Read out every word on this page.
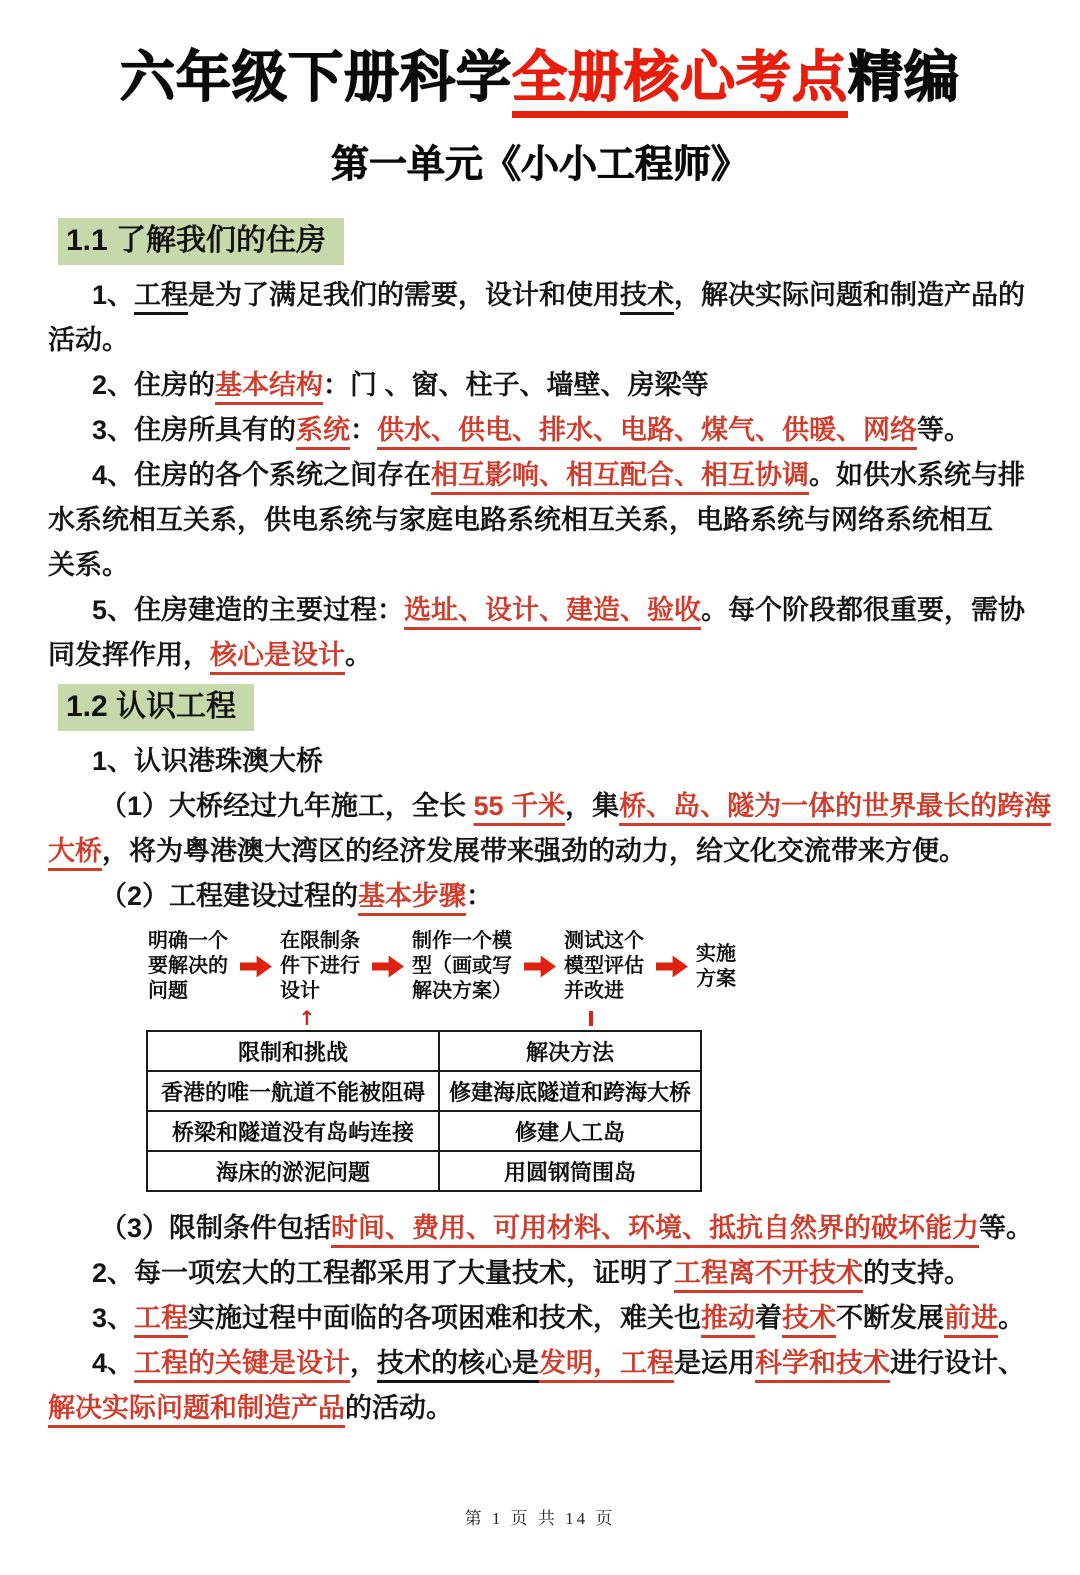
六年级下册科学全册核心考点精编
第一单元《小小工程师》
1.1 了解我们的住房
1、工程是为了满足我们的需要，设计和使用技术，解决实际问题和制造产品的
活动。
2、住房的基本结构：门 、窗、柱子、墙壁、房梁等
3、住房所具有的系统：供水、供电、排水、电路、煤气、供暖、网络等。
4、住房的各个系统之间存在相互影响、相互配合、相互协调。如供水系统与排
水系统相互关系，供电系统与家庭电路系统相互关系，电路系统与网络系统相互
关系。
5、住房建造的主要过程：选址、设计、建造、验收。每个阶段都很重要，需协
同发挥作用，核心是设计。
1.2 认识工程
1、认识港珠澳大桥
（1）大桥经过九年施工，全长 55 千米，集桥、岛、隧为一体的世界最长的跨海
大桥，将为粤港澳大湾区的经济发展带来强劲的动力，给文化交流带来方便。
（2）工程建设过程的基本步骤：
明确一个要解决的问题
在限制条件下进行设计
↑
制作一个模型（画或写解决方案）
测试这个模型评估并改进
实施方案
限制和挑战	解决方法
香港的唯一航道不能被阻碍	修建海底隧道和跨海大桥
桥梁和隧道没有岛屿连接	修建人工岛
海床的淤泥问题	用圆钢筒围岛
（3）限制条件包括时间、费用、可用材料、环境、抵抗自然界的破坏能力等。
2、每一项宏大的工程都采用了大量技术，证明了工程离不开技术的支持。
3、工程实施过程中面临的各项困难和技术，难关也推动着技术不断发展前进。
4、工程的关键是设计，技术的核心是发明，工程是运用科学和技术进行设计、
解决实际问题和制造产品的活动。
第 1 页 共 14 页
